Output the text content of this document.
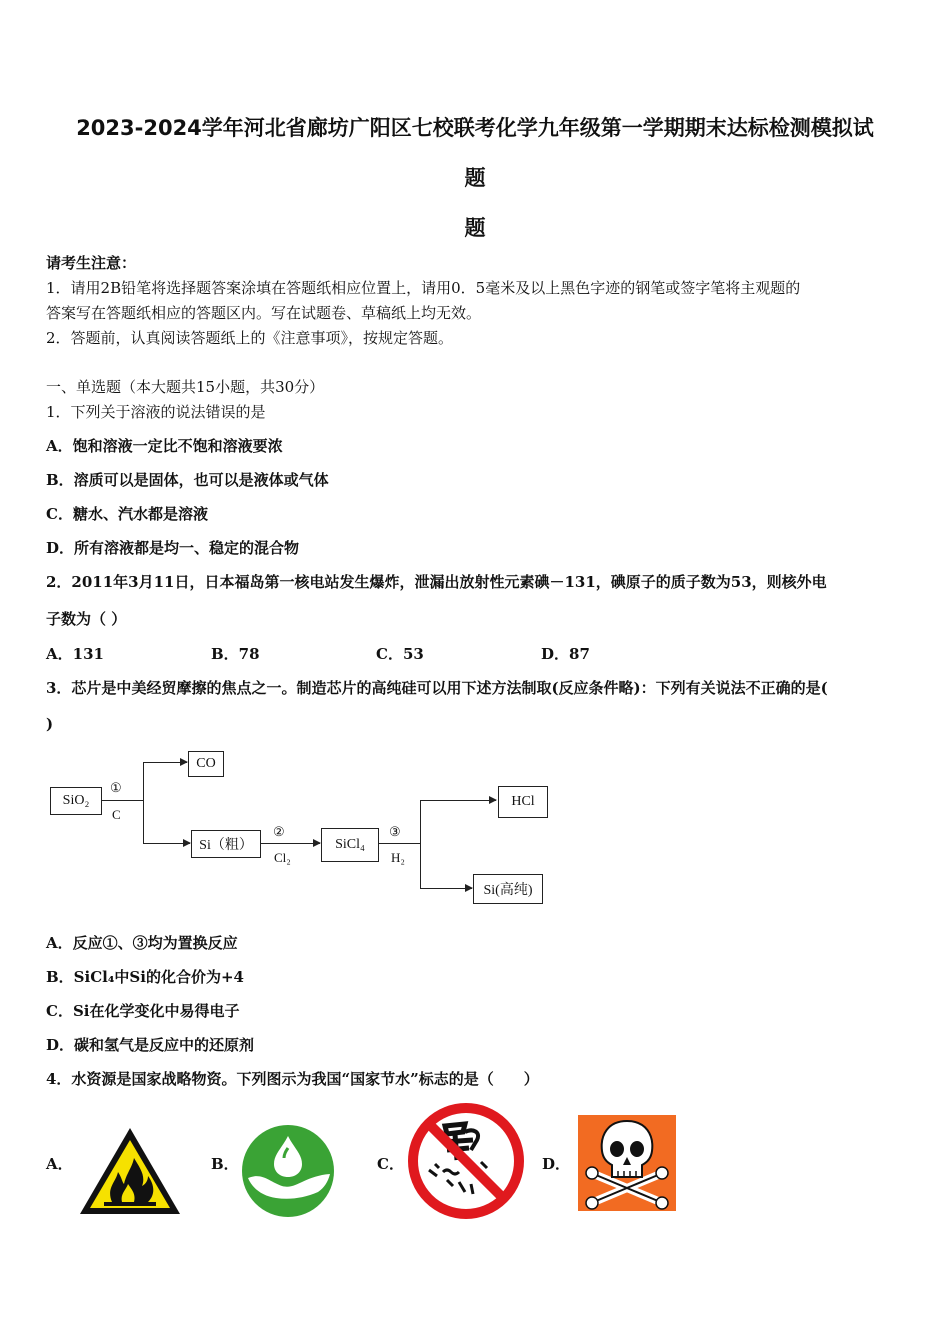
2023-2024学年河北省廊坊广阳区七校联考化学九年级第一学期期末达标检测模拟试
题
题
请考生注意：
1．请用2B铅笔将选择题答案涂填在答题纸相应位置上，请用0．5毫米及以上黑色字迹的钢笔或签字笔将主观题的
答案写在答题纸相应的答题区内。写在试题卷、草稿纸上均无效。
2．答题前，认真阅读答题纸上的《注意事项》，按规定答题。
一、单选题（本大题共15小题，共30分）
1．下列关于溶液的说法错误的是
A．饱和溶液一定比不饱和溶液要浓
B．溶质可以是固体，也可以是液体或气体
C．糖水、汽水都是溶液
D．所有溶液都是均一、稳定的混合物
2．2011年3月11日，日本福岛第一核电站发生爆炸，泄漏出放射性元素碘－131，碘原子的质子数为53，则核外电
子数为（ ）
A．131	B．78	C．53	D．87
3．芯片是中美经贸摩擦的焦点之一。制造芯片的高纯硅可以用下述方法制取(反应条件略)：下列有关说法不正确的是(
)
SiO₂
①
C
CO
Si（粗）
②
Cl₂
SiCl₄
③
H₂
HCl
Si(高纯)
A．反应①、③均为置换反应
B．SiCl₄中Si的化合价为+4
C．Si在化学变化中易得电子
D．碳和氢气是反应中的还原剂
4．水资源是国家战略物资。下列图示为我国“国家节水”标志的是（　　）
A．	B．	C．	D．
